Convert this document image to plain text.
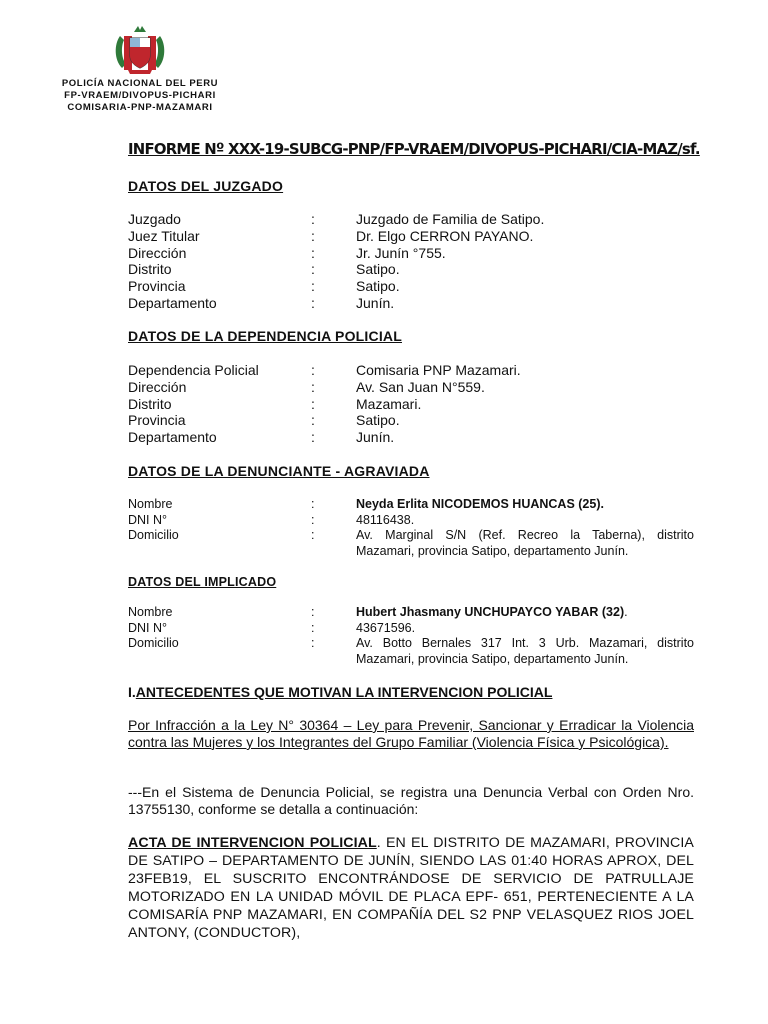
POLICÍA NACIONAL DEL PERU
FP-VRAEM/DIVOPUS-PICHARI
COMISARIA-PNP-MAZAMARI
INFORME Nº XXX-19-SUBCG-PNP/FP-VRAEM/DIVOPUS-PICHARI/CIA-MAZ/sf.
DATOS DEL JUZGADO
Juzgado	:	Juzgado de Familia de Satipo.
Juez Titular	:	Dr. Elgo CERRON PAYANO.
Dirección	:	Jr. Junín °755.
Distrito	:	Satipo.
Provincia	:	Satipo.
Departamento	:	Junín.
DATOS DE LA DEPENDENCIA POLICIAL
Dependencia Policial	:	Comisaria PNP Mazamari.
Dirección	:	Av. San Juan N°559.
Distrito	:	Mazamari.
Provincia	:	Satipo.
Departamento	:	Junín.
DATOS DE LA DENUNCIANTE - AGRAVIADA
Nombre	:	Neyda Erlita NICODEMOS HUANCAS (25).
DNI N°	:	48116438.
Domicilio	:	Av. Marginal S/N (Ref. Recreo la Taberna), distrito Mazamari, provincia Satipo, departamento Junín.
DATOS DEL IMPLICADO
Nombre	:	Hubert Jhasmany UNCHUPAYCO YABAR (32).
DNI N°	:	43671596.
Domicilio	:	Av. Botto Bernales 317 Int. 3 Urb. Mazamari, distrito Mazamari, provincia Satipo, departamento Junín.
I.ANTECEDENTES QUE MOTIVAN LA INTERVENCION POLICIAL
Por Infracción a la Ley N° 30364 – Ley para Prevenir, Sancionar y Erradicar la Violencia contra las Mujeres y los Integrantes del Grupo Familiar (Violencia Física y Psicológica).
---En el Sistema de Denuncia Policial, se registra una Denuncia Verbal con Orden Nro. 13755130, conforme se detalla a continuación:
ACTA DE INTERVENCION POLICIAL. EN EL DISTRITO DE MAZAMARI, PROVINCIA DE SATIPO – DEPARTAMENTO DE JUNÍN, SIENDO LAS 01:40 HORAS APROX, DEL 23FEB19, EL SUSCRITO ENCONTRÁNDOSE DE SERVICIO DE PATRULLAJE MOTORIZADO EN LA UNIDAD MÓVIL DE PLACA EPF- 651, PERTENECIENTE A LA COMISARÍA PNP MAZAMARI, EN COMPAÑÍA DEL S2 PNP VELASQUEZ RIOS JOEL ANTONY, (CONDUCTOR),
